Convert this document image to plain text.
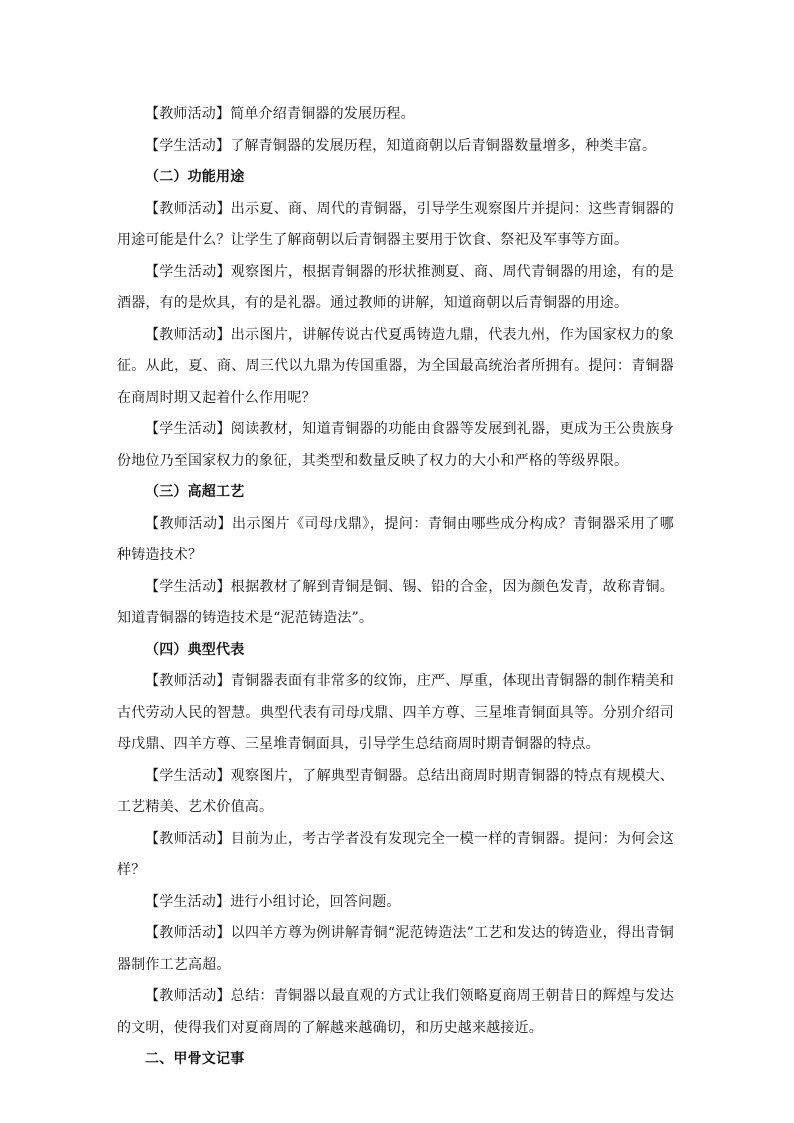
【教师活动】简单介绍青铜器的发展历程。

【学生活动】了解青铜器的发展历程，知道商朝以后青铜器数量增多，种类丰富。

（二）功能用途

【教师活动】出示夏、商、周代的青铜器，引导学生观察图片并提问：这些青铜器的用途可能是什么？让学生了解商朝以后青铜器主要用于饮食、祭祀及军事等方面。

【学生活动】观察图片，根据青铜器的形状推测夏、商、周代青铜器的用途，有的是酒器，有的是炊具，有的是礼器。通过教师的讲解，知道商朝以后青铜器的用途。

【教师活动】出示图片，讲解传说古代夏禹铸造九鼎，代表九州，作为国家权力的象征。从此，夏、商、周三代以九鼎为传国重器，为全国最高统治者所拥有。提问：青铜器在商周时期又起着什么作用呢？

【学生活动】阅读教材，知道青铜器的功能由食器等发展到礼器，更成为王公贵族身份地位乃至国家权力的象征，其类型和数量反映了权力的大小和严格的等级界限。

（三）高超工艺

【教师活动】出示图片《司母戊鼎》，提问：青铜由哪些成分构成？青铜器采用了哪种铸造技术？

【学生活动】根据教材了解到青铜是铜、锡、铅的合金，因为颜色发青，故称青铜。知道青铜器的铸造技术是“泥范铸造法”。

（四）典型代表

【教师活动】青铜器表面有非常多的纹饰，庄严、厚重，体现出青铜器的制作精美和古代劳动人民的智慧。典型代表有司母戊鼎、四羊方尊、三星堆青铜面具等。分别介绍司母戊鼎、四羊方尊、三星堆青铜面具，引导学生总结商周时期青铜器的特点。

【学生活动】观察图片，了解典型青铜器。总结出商周时期青铜器的特点有规模大、工艺精美、艺术价值高。

【教师活动】目前为止，考古学者没有发现完全一模一样的青铜器。提问：为何会这样？

【学生活动】进行小组讨论，回答问题。

【教师活动】以四羊方尊为例讲解青铜“泥范铸造法”工艺和发达的铸造业，得出青铜器制作工艺高超。

【教师活动】总结：青铜器以最直观的方式让我们领略夏商周王朝昔日的辉煌与发达的文明，使得我们对夏商周的了解越来越确切，和历史越来越接近。

二、甲骨文记事
